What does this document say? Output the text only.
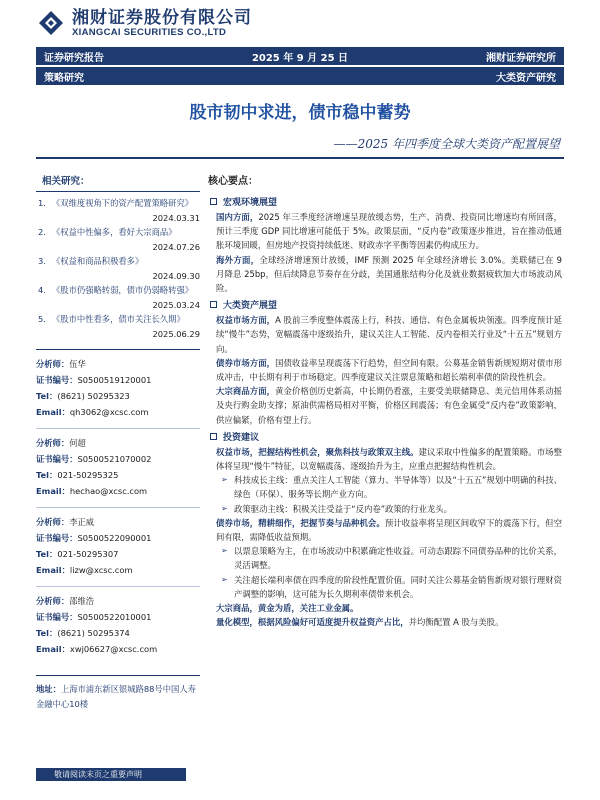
湘财证券股份有限公司
XIANGCAI SECURITIES CO.,LTD
证券研究报告	2025 年 9 月 25 日	湘财证券研究所
策略研究	大类资产研究
股市韧中求进，债市稳中蓄势
——2025 年四季度全球大类资产配置展望
相关研究：
1. 《双维度视角下的资产配置策略研究》
2024.03.31
2. 《权益中性偏多，看好大宗商品》
2024.07.26
3. 《权益和商品积极看多》
2024.09.30
4. 《股市仍强略转弱，债市仍弱略转强》
2025.03.24
5. 《股市中性看多，债市关注长久期》
2025.06.29
分析师：伍华
证书编号：S0500519120001
Tel：(8621) 50295323
Email：qh3062@xcsc.com
分析师：何超
证书编号：S0500521070002
Tel：021-50295325
Email：hechao@xcsc.com
分析师：李正威
证书编号：S0500522090001
Tel：021-50295307
Email：lizw@xcsc.com
分析师：邵维浩
证书编号：S0500522010001
Tel：(8621) 50295374
Email：xwj06627@xcsc.com
地址：上海市浦东新区银城路88号中国人寿金融中心10楼
核心要点：
宏观环境展望

国内方面，2025 年三季度经济增速呈现放缓态势，生产、消费、投资同比增速均有所回落，预计三季度 GDP 同比增速可能低于 5%。政策层面，“反内卷”政策逐步推进，旨在推动低通胀环境回暖，但房地产投资持续低迷、财政赤字平衡等因素仍构成压力。

海外方面，全球经济增速预计放缓，IMF 预测 2025 年全球经济增长 3.0%。美联储已在 9 月降息 25bp，但后续降息节奏存在分歧，美国通胀结构分化及就业数据疲软加大市场波动风险。

大类资产展望

权益市场方面，A 股前三季度整体震荡上行，科技、通信、有色金属板块领涨。四季度预计延续“慢牛”态势，宽幅震荡中逐级抬升，建议关注人工智能、反内卷相关行业及“十五五”规划方向。

债券市场方面，国债收益率呈现震荡下行趋势，但空间有限。公募基金销售新规短期对债市形成冲击，中长期有利于市场稳定。四季度建议关注票息策略和超长端利率债的阶段性机会。

大宗商品方面，黄金价格创历史新高，中长期仍看涨，主要受美联储降息、美元信用体系动摇及央行购金助支撑；原油供需格局相对平衡，价格区间震荡；有色金属受“反内卷”政策影响，供应偏紧，价格有望上行。

投资建议

权益市场，把握结构性机会，聚焦科技与政策双主线。建议采取中性偏多的配置策略。市场整体将呈现“慢牛”特征，以宽幅震荡、逐级抬升为主，应重点把握结构性机会。

➢ 科技成长主线：重点关注人工智能（算力、半导体等）以及“十五五”规划中明确的科技、绿色（环保）、服务等长期产业方向。

➢ 政策驱动主线：积极关注受益于“反内卷”政策的行业龙头。

债券市场，精耕细作，把握节奏与品种机会。预计收益率将呈现区间收窄下的震荡下行，但空间有限，需降低收益预期。

➢ 以票息策略为主，在市场波动中积累确定性收益。可动态跟踪不同债券品种的比价关系，灵活调整。

➢ 关注超长端利率债在四季度的阶段性配置价值。同时关注公募基金销售新规对银行理财资产调整的影响，这可能为长久期利率债带来机会。

大宗商品，黄金为盾，关注工业金属。

量化模型，根据风险偏好可适度提升权益资产占比，并均衡配置 A 股与美股。

敬请阅读末页之重要声明
